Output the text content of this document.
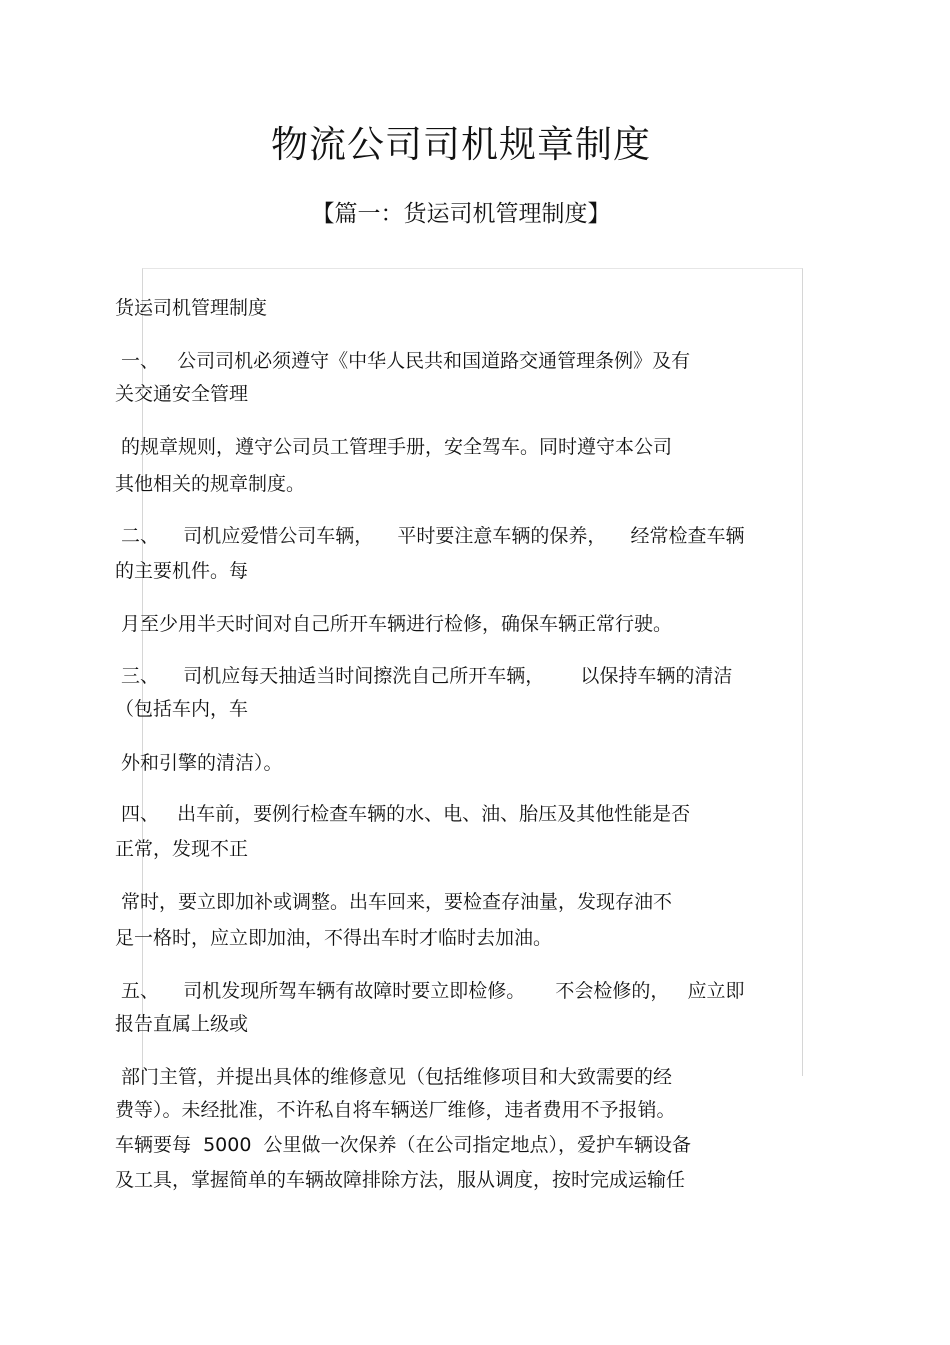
物流公司司机规章制度
【篇一：货运司机管理制度】
货运司机管理制度
一、   公司司机必须遵守《中华人民共和国道路交通管理条例》及有
关交通安全管理
的规章规则，遵守公司员工管理手册，安全驾车。同时遵守本公司
其他相关的规章制度。
二、    司机应爱惜公司车辆，    平时要注意车辆的保养，    经常检查车辆
的主要机件。每
月至少用半天时间对自己所开车辆进行检修，确保车辆正常行驶。
三、    司机应每天抽适当时间擦洗自己所开车辆，      以保持车辆的清洁
（包括车内，车
外和引擎的清洁）。
四、   出车前，要例行检查车辆的水、电、油、胎压及其他性能是否
正常，发现不正
常时，要立即加补或调整。出车回来，要检查存油量，发现存油不
足一格时，应立即加油，不得出车时才临时去加油。
五、    司机发现所驾车辆有故障时要立即检修。     不会检修的，   应立即
报告直属上级或
部门主管，并提出具体的维修意见（包括维修项目和大致需要的经
费等）。未经批准，不许私自将车辆送厂维修，违者费用不予报销。
车辆要每  5000  公里做一次保养（在公司指定地点），爱护车辆设备
及工具，掌握简单的车辆故障排除方法，服从调度，按时完成运输任
